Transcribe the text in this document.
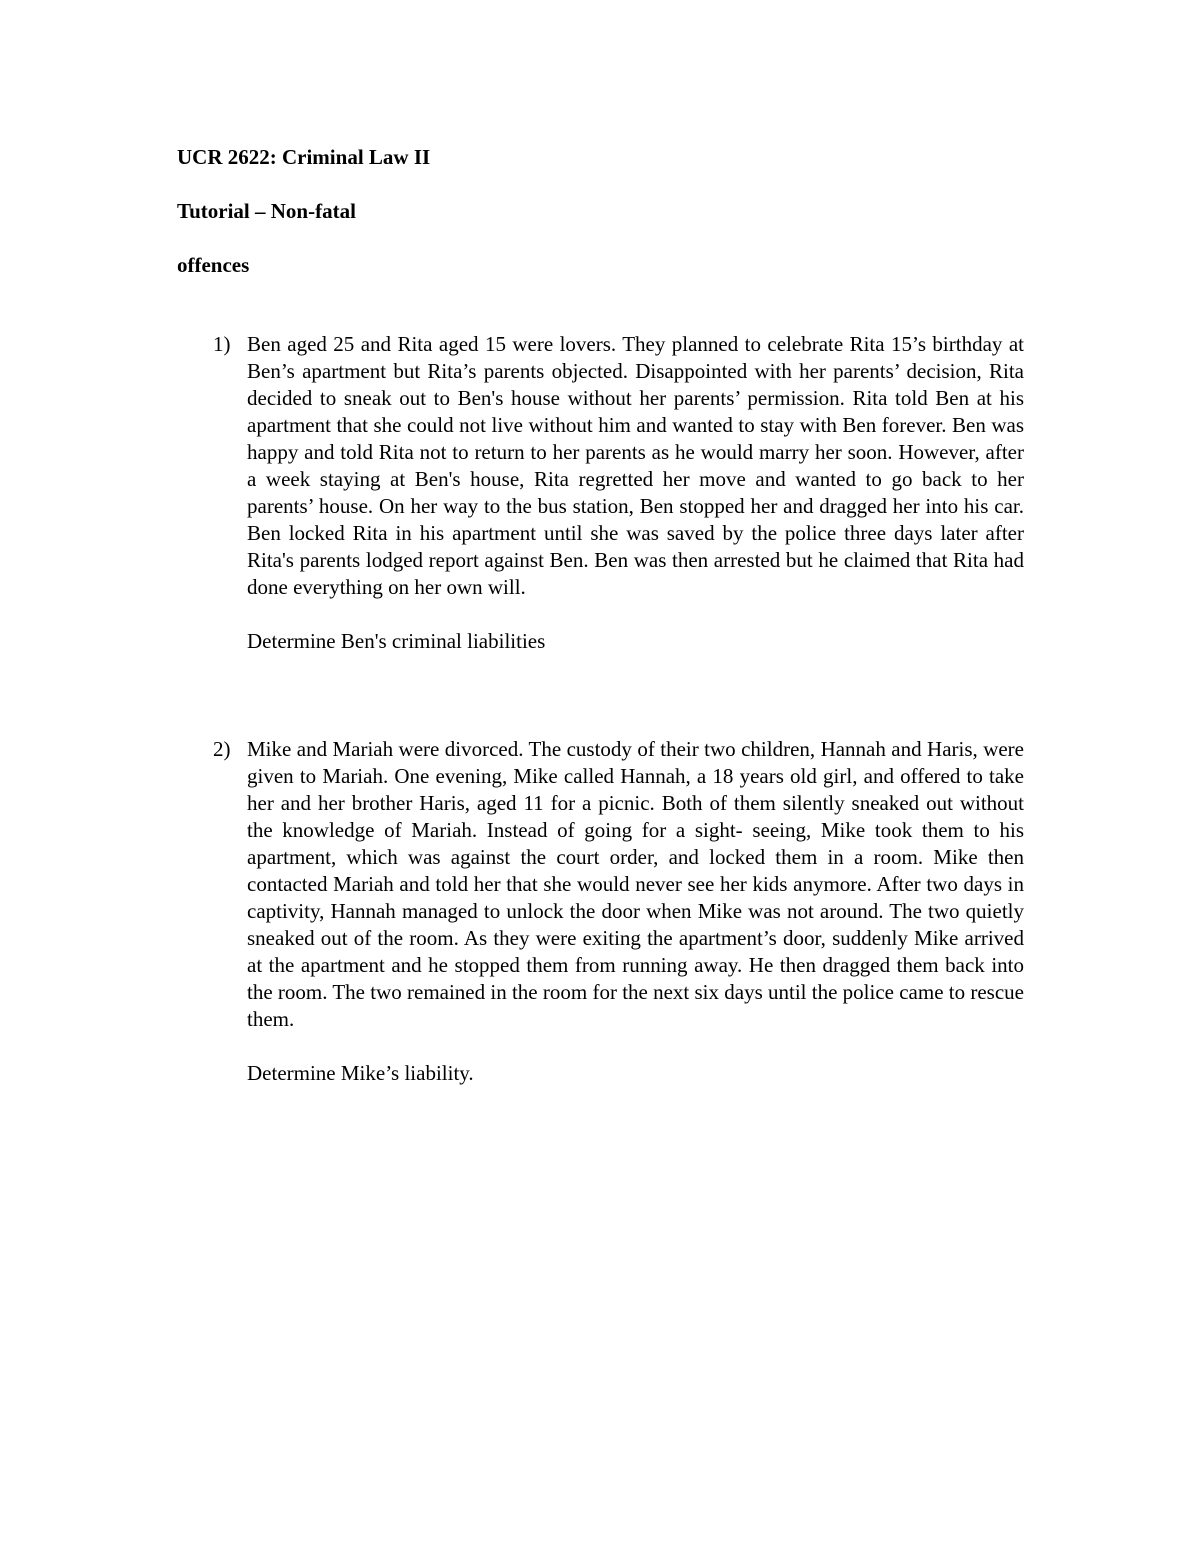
UCR 2622: Criminal Law II
Tutorial – Non-fatal
offences
1) Ben aged 25 and Rita aged 15 were lovers. They planned to celebrate Rita 15’s birthday at Ben’s apartment but Rita’s parents objected. Disappointed with her parents’ decision, Rita decided to sneak out to Ben's house without her parents’ permission. Rita told Ben at his apartment that she could not live without him and wanted to stay with Ben forever. Ben was happy and told Rita not to return to her parents as he would marry her soon. However, after a week staying at Ben's house, Rita regretted her move and wanted to go back to her parents’ house. On her way to the bus station, Ben stopped her and dragged her into his car. Ben locked Rita in his apartment until she was saved by the police three days later after Rita's parents lodged report against Ben. Ben was then arrested but he claimed that Rita had done everything on her own will.
Determine Ben's criminal liabilities
2) Mike and Mariah were divorced. The custody of their two children, Hannah and Haris, were given to Mariah. One evening, Mike called Hannah, a 18 years old girl, and offered to take her and her brother Haris, aged 11 for a picnic. Both of them silently sneaked out without the knowledge of Mariah. Instead of going for a sight- seeing, Mike took them to his apartment, which was against the court order, and locked them in a room. Mike then contacted Mariah and told her that she would never see her kids anymore. After two days in captivity, Hannah managed to unlock the door when Mike was not around. The two quietly sneaked out of the room. As they were exiting the apartment’s door, suddenly Mike arrived at the apartment and he stopped them from running away. He then dragged them back into the room. The two remained in the room for the next six days until the police came to rescue them.
Determine Mike’s liability.
